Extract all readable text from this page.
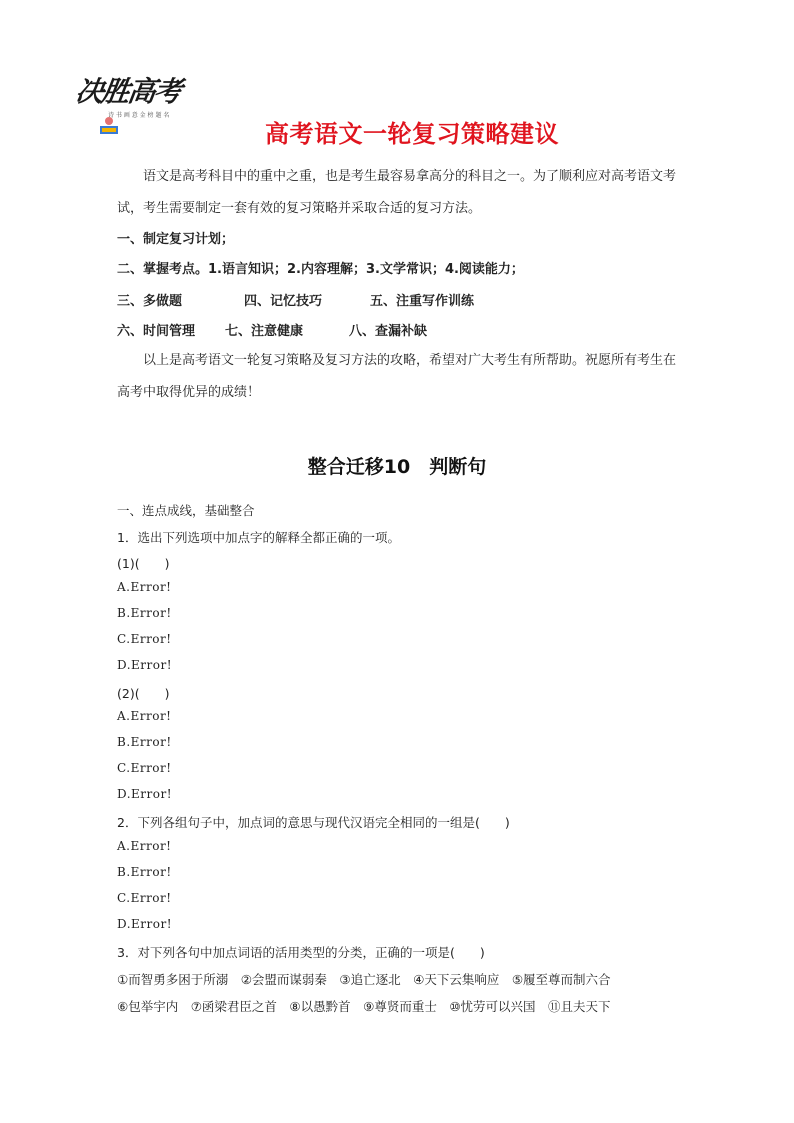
决胜高考
诗 书 画 意 金 榜 题 名
高考语文一轮复习策略建议

语文是高考科目中的重中之重，也是考生最容易拿高分的科目之一。为了顺利应对高考语文考试，考生需要制定一套有效的复习策略并采取合适的复习方法。

一、制定复习计划；
二、掌握考点。1.语言知识；2.内容理解；3.文学常识；4.阅读能力；
三、多做题	四、记忆技巧	五、注重写作训练
六、时间管理 七、注意健康	八、查漏补缺

以上是高考语文一轮复习策略及复习方法的攻略，希望对广大考生有所帮助。祝愿所有考生在高考中取得优异的成绩！

整合迁移10　判断句
一、连点成线，基础整合
1．选出下列选项中加点字的解释全都正确的一项。
(1)(　　)
A.Error!
B.Error!
C.Error!
D.Error!
(2)(　　)
A.Error!
B.Error!
C.Error!
D.Error!
2．下列各组句子中，加点词的意思与现代汉语完全相同的一组是(　　)
A.Error!
B.Error!
C.Error!
D.Error!
3．对下列各句中加点词语的活用类型的分类，正确的一项是(　　)
①而智勇多困于所溺　②会盟而谋弱秦　③追亡逐北　④天下云集响应　⑤履至尊而制六合
⑥包举宇内　⑦函梁君臣之首　⑧以愚黔首　⑨尊贤而重士　⑩忧劳可以兴国　⑪且夫天下
